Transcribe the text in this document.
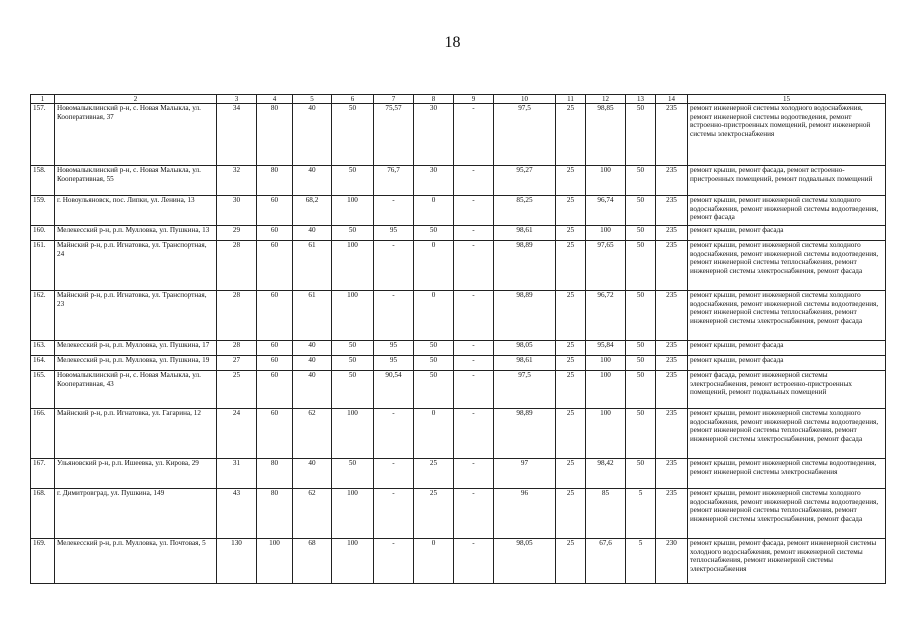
18
1	2	3	4	5	6	7	8	9	10	11	12	13	14	15
157.	Новомалыклинский р-н, с. Новая Малыкла, ул. Кооперативная, 37	34	80	40	50	75,57	30	-	97,5	25	98,85	50	235	ремонт инженерной системы холодного водоснабжения, ремонт инженерной системы водоотведения, ремонт встроенно-пристроенных помещений, ремонт инженерной системы электроснабжения
158.	Новомалыклинский р-н, с. Новая Малыкла, ул. Кооперативная, 55	32	80	40	50	76,7	30	-	95,27	25	100	50	235	ремонт крыши, ремонт фасада, ремонт встроенно-пристроенных помещений, ремонт подвальных помещений
159.	г. Новоульяновск, пос. Липки, ул. Ленина, 13	30	60	68,2	100	-	0	-	85,25	25	96,74	50	235	ремонт крыши, ремонт инженерной системы холодного водоснабжения, ремонт инженерной системы водоотведения, ремонт фасада
160.	Мелекесский р-н, р.п. Мулловка, ул. Пушкина, 13	29	60	40	50	95	50	-	98,61	25	100	50	235	ремонт крыши, ремонт фасада
161.	Майнский р-н, р.п. Игнатовка, ул. Транспортная, 24	28	60	61	100	-	0	-	98,89	25	97,65	50	235	ремонт крыши, ремонт инженерной системы холодного водоснабжения, ремонт инженерной системы водоотведения, ремонт инженерной системы теплоснабжения, ремонт инженерной системы электроснабжения, ремонт фасада
162.	Майнский р-н, р.п. Игнатовка, ул. Транспортная, 23	28	60	61	100	-	0	-	98,89	25	96,72	50	235	ремонт крыши, ремонт инженерной системы холодного водоснабжения, ремонт инженерной системы водоотведения, ремонт инженерной системы теплоснабжения, ремонт инженерной системы электроснабжения, ремонт фасада
163.	Мелекесский р-н, р.п. Мулловка, ул. Пушкина, 17	28	60	40	50	95	50	-	98,05	25	95,84	50	235	ремонт крыши, ремонт фасада
164.	Мелекесский р-н, р.п. Мулловка, ул. Пушкина, 19	27	60	40	50	95	50	-	98,61	25	100	50	235	ремонт крыши, ремонт фасада
165.	Новомалыклинский р-н, с. Новая Малыкла, ул. Кооперативная, 43	25	60	40	50	90,54	50	-	97,5	25	100	50	235	ремонт фасада, ремонт инженерной системы электроснабжения, ремонт встроенно-пристроенных помещений, ремонт подвальных помещений
166.	Майнский р-н, р.п. Игнатовка, ул. Гагарина, 12	24	60	62	100	-	0	-	98,89	25	100	50	235	ремонт крыши, ремонт инженерной системы холодного водоснабжения, ремонт инженерной системы водоотведения, ремонт инженерной системы теплоснабжения, ремонт инженерной системы электроснабжения, ремонт фасада
167.	Ульяновский р-н, р.п. Ишеевка, ул. Кирова, 29	31	80	40	50	-	25	-	97	25	98,42	50	235	ремонт крыши, ремонт инженерной системы водоотведения, ремонт инженерной системы электроснабжения
168.	г. Димитровград, ул. Пушкина, 149	43	80	62	100	-	25	-	96	25	85	5	235	ремонт крыши, ремонт инженерной системы холодного водоснабжения, ремонт инженерной системы водоотведения, ремонт инженерной системы теплоснабжения, ремонт инженерной системы электроснабжения, ремонт фасада
169.	Мелекесский р-н, р.п. Мулловка, ул. Почтовая, 5	130	100	68	100	-	0	-	98,05	25	67,6	5	230	ремонт крыши, ремонт фасада, ремонт инженерной системы холодного водоснабжения, ремонт инженерной системы теплоснабжения, ремонт инженерной системы электроснабжения
